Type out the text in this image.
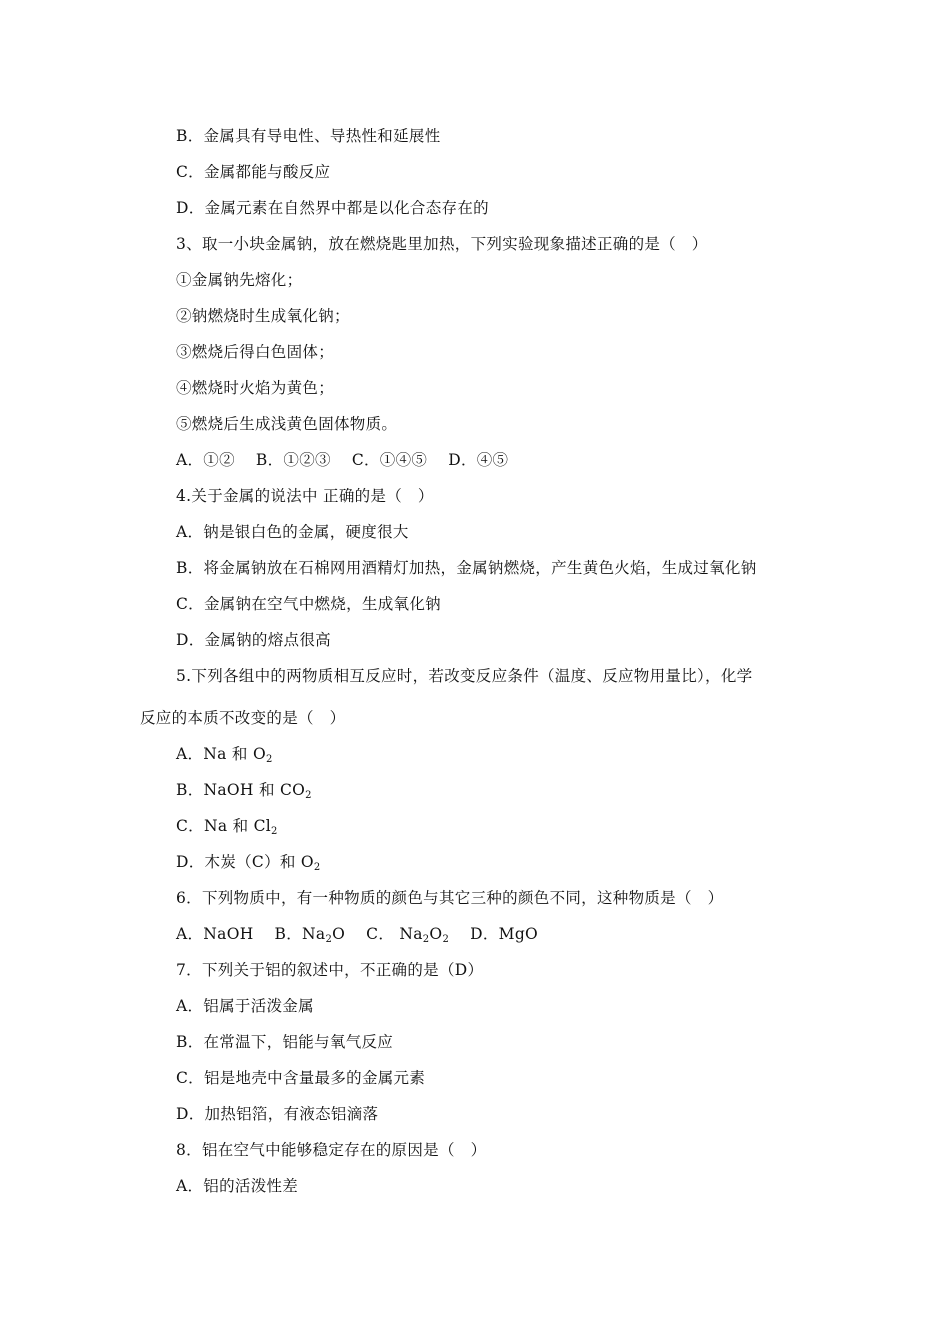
B．金属具有导电性、导热性和延展性
C．金属都能与酸反应
D．金属元素在自然界中都是以化合态存在的
3、取一小块金属钠，放在燃烧匙里加热，下列实验现象描述正确的是（　）
①金属钠先熔化；
②钠燃烧时生成氧化钠；
③燃烧后得白色固体；
④燃烧时火焰为黄色；
⑤燃烧后生成浅黄色固体物质。
A．①②　 B．①②③　 C．①④⑤　 D．④⑤
4.关于金属的说法中 正确的是（　）
A．钠是银白色的金属，硬度很大
B．将金属钠放在石棉网用酒精灯加热，金属钠燃烧，产生黄色火焰，生成过氧化钠
C．金属钠在空气中燃烧，生成氧化钠
D．金属钠的熔点很高
5.下列各组中的两物质相互反应时，若改变反应条件（温度、反应物用量比），化学
反应的本质不改变的是（　）
A．Na 和 $O_2$
B．NaOH 和 $CO_2$
C．Na 和 $Cl_2$
D．木炭（C）和 $O_2$
6．下列物质中，有一种物质的颜色与其它三种的颜色不同，这种物质是（　）
A．NaOH　 B．$Na_2O$　 C． $Na_2O_2$　 D．MgO
7．下列关于铝的叙述中，不正确的是（D）
A．铝属于活泼金属
B．在常温下，铝能与氧气反应
C．铝是地壳中含量最多的金属元素
D．加热铝箔，有液态铝滴落
8．铝在空气中能够稳定存在的原因是（　）
A．铝的活泼性差
